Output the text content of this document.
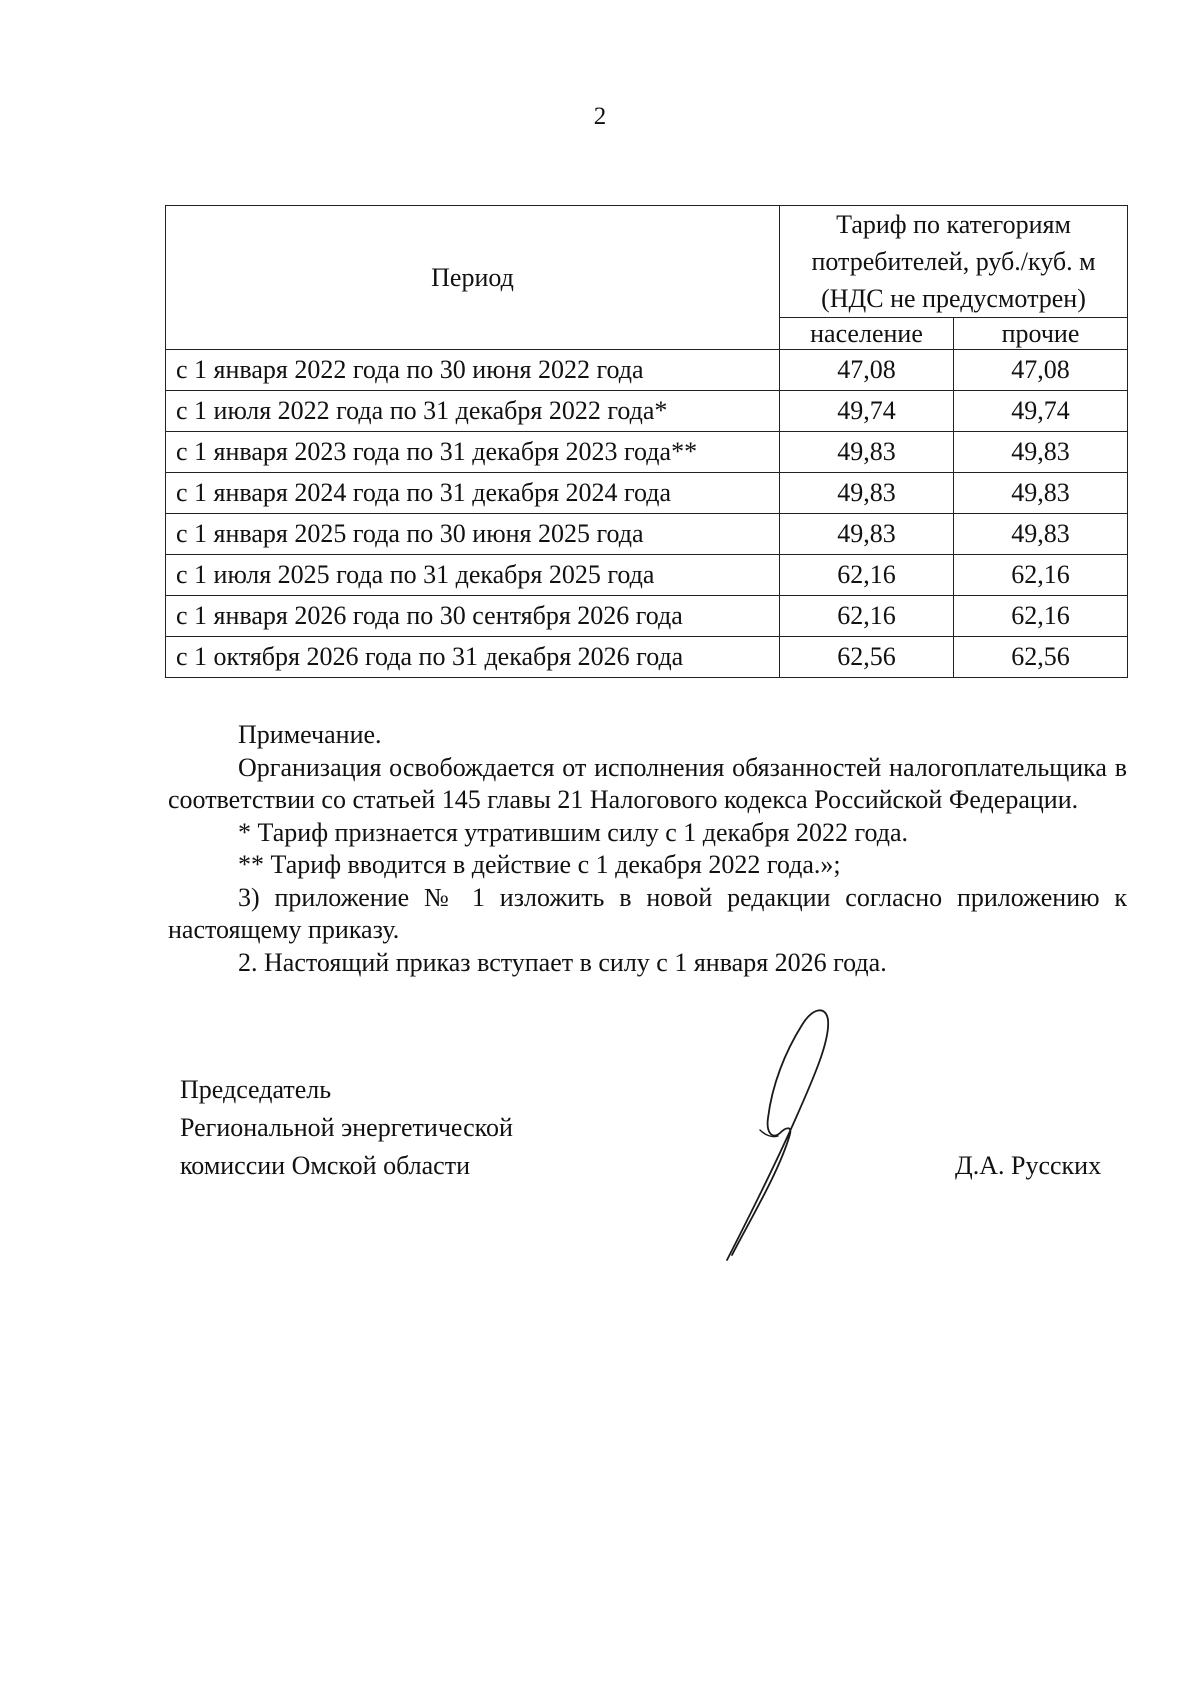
2
Период	Тариф по категориям
потребителей, руб./куб. м
(НДС не предусмотрен)	

	население	прочие
с 1 января 2022 года по 30 июня 2022 года	47,08	47,08
с 1 июля 2022 года по 31 декабря 2022 года*	49,74	49,74
с 1 января 2023 года по 31 декабря 2023 года**	49,83	49,83
с 1 января 2024 года по 31 декабря 2024 года	49,83	49,83
с 1 января 2025 года по 30 июня 2025 года	49,83	49,83
с 1 июля 2025 года по 31 декабря 2025 года	62,16	62,16
с 1 января 2026 года по 30 сентября 2026 года	62,16	62,16
с 1 октября 2026 года по 31 декабря 2026 года	62,56	62,56

Примечание.

Организация освобождается от исполнения обязанностей налогоплательщика в соответствии со статьей 145 главы 21 Налогового кодекса Российской Федерации.

* Тариф признается утратившим силу с 1 декабря 2022 года.

** Тариф вводится в действие с 1 декабря 2022 года.»;

3) приложение № 1 изложить в новой редакции согласно приложению к настоящему приказу.

2. Настоящий приказ вступает в силу с 1 января 2026 года.

Председатель
Региональной энергетической
комиссии Омской области	Д.А. Русских
